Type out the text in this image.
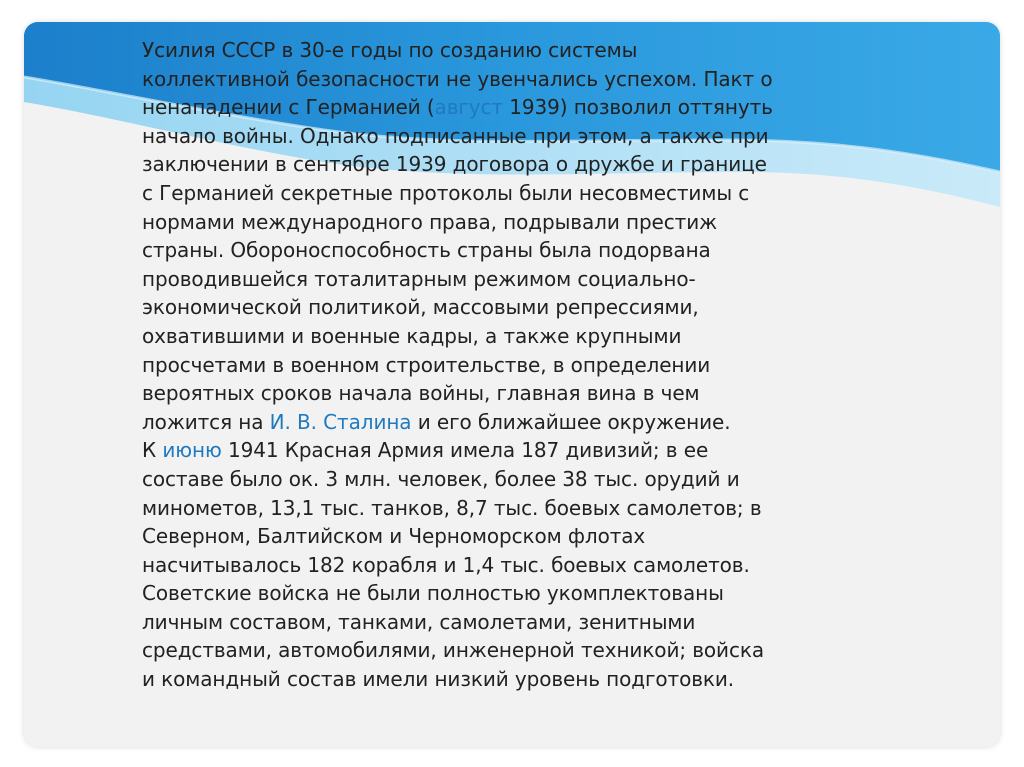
Усилия СССР в 30-е годы по созданию системы
коллективной безопасности не увенчались успехом. Пакт о
ненападении с Германией (август 1939) позволил оттянуть
начало войны. Однако подписанные при этом, а также при
заключении в сентябре 1939 договора о дружбе и границе
с Германией секретные протоколы были несовместимы с
нормами международного права, подрывали престиж
страны. Обороноспособность страны была подорвана
проводившейся тоталитарным режимом социально-
экономической политикой, массовыми репрессиями,
охватившими и военные кадры, а также крупными
просчетами в военном строительстве, в определении
вероятных сроков начала войны, главная вина в чем
ложится на И. В. Сталина и его ближайшее окружение.
К июню 1941 Красная Армия имела 187 дивизий; в ее
составе было ок. 3 млн. человек, более 38 тыс. орудий и
минометов, 13,1 тыс. танков, 8,7 тыс. боевых самолетов; в
Северном, Балтийском и Черноморском флотах
насчитывалось 182 корабля и 1,4 тыс. боевых самолетов.
Советские войска не были полностью укомплектованы
личным составом, танками, самолетами, зенитными
средствами, автомобилями, инженерной техникой; войска
и командный состав имели низкий уровень подготовки.
